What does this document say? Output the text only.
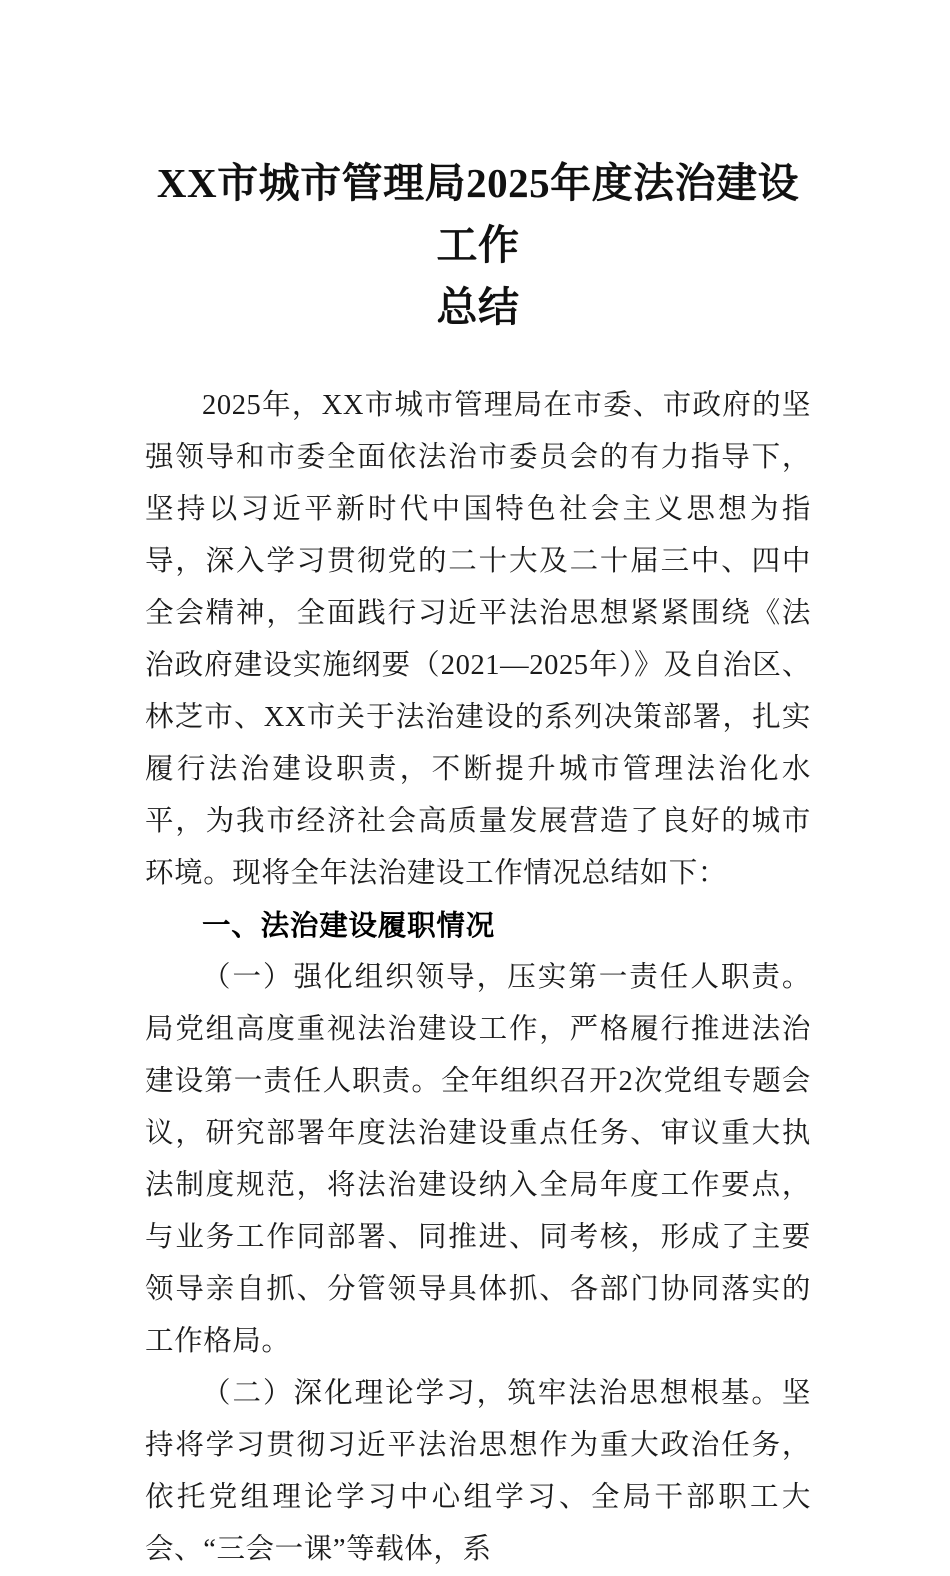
XX市城市管理局2025年度法治建设工作
总结

2025年，XX市城市管理局在市委、市政府的坚强领导和市委全面依法治市委员会的有力指导下，坚持以习近平新时代中国特色社会主义思想为指导，深入学习贯彻党的二十大及二十届三中、四中全会精神，全面践行习近平法治思想紧紧围绕《法治政府建设实施纲要（2021—2025年）》及自治区、林芝市、XX市关于法治建设的系列决策部署，扎实履行法治建设职责，不断提升城市管理法治化水平，为我市经济社会高质量发展营造了良好的城市环境。现将全年法治建设工作情况总结如下：

一、法治建设履职情况

（一）强化组织领导，压实第一责任人职责。局党组高度重视法治建设工作，严格履行推进法治建设第一责任人职责。全年组织召开2次党组专题会议，研究部署年度法治建设重点任务、审议重大执法制度规范，将法治建设纳入全局年度工作要点，与业务工作同部署、同推进、同考核，形成了主要领导亲自抓、分管领导具体抓、各部门协同落实的工作格局。

（二）深化理论学习，筑牢法治思想根基。坚持将学习贯彻习近平法治思想作为重大政治任务，依托党组理论学习中心组学习、全局干部职工大会、“三会一课”等载体，系
